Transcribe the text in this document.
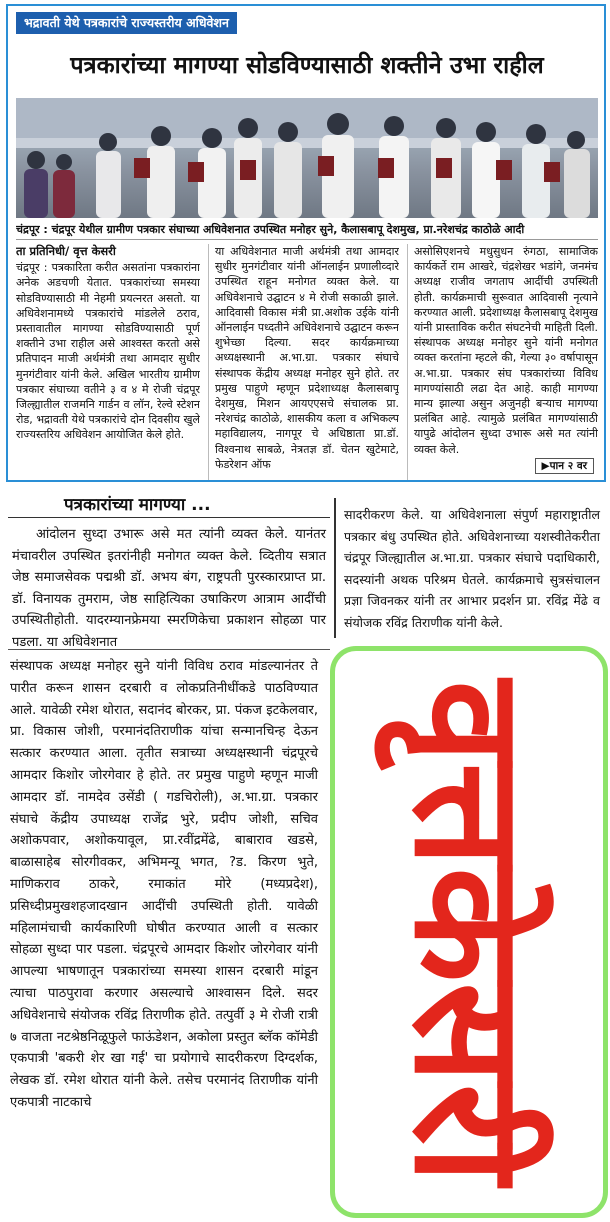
भद्रावती येथे पत्रकारांचे राज्यस्तरीय अधिवेशन
पत्रकारांच्या मागण्या सोडविण्यासाठी शक्तीने उभा राहील
चंद्रपूर : चंद्रपूर येथील ग्रामीण पत्रकार संघाच्या अधिवेशनात उपस्थित मनोहर सुने, कैलासबापू देशमुख, प्रा.नरेशचंद्र काठोळे आदी
ता प्रतिनिधी/ वृत्त केसरी
चंद्रपूर : पत्रकारिता करीत असतांना पत्रकारांना अनेक अडचणी येतात. पत्रकारांच्या समस्या सोडविण्यासाठी मी नेहमी प्रयत्नरत असतो. या अधिवेशनामध्ये पत्रकारांचे मांडलेले ठराव, प्रस्तावातील मागण्या सोडविण्यासाठी पूर्ण शक्तीने उभा राहील असे आश्वस्त करतो असे प्रतिपादन माजी अर्थमंत्री तथा आमदार सुधीर मुनगंटीवार यांनी केले. अखिल भारतीय ग्रामीण पत्रकार संघाच्या वतीने ३ व ४ मे रोजी चंद्रपूर जिल्ह्यातील राजमनि गार्डन व लॉन, रेल्वे स्टेशन रोड, भद्रावती येथे पत्रकारांचे दोन दिवसीय खुले राज्यस्तरिय अधिवेशन आयोजित केले होते.
या अधिवेशनात माजी अर्थमंत्री तथा आमदार सुधीर मुनगंटीवार यांनी ऑनलाईन प्रणालीव्दारे उपस्थित राहून मनोगत व्यक्त केले. या अधिवेशनाचे उद्घाटन ४ मे रोजी सकाळी झाले. आदिवासी विकास मंत्री प्रा.अशोक उईके यांनी ऑनलाईन पध्दतीने अधिवेशनाचे उद्घाटन करून शुभेच्छा दिल्या. सदर कार्यक्रमाच्या अध्यक्षस्थानी अ.भा.ग्रा. पत्रकार संघाचे संस्थापक केंद्रीय अध्यक्ष मनोहर सुने होते. तर प्रमुख पाहुणे म्हणून प्रदेशाध्यक्ष कैलासबापू देशमुख, मिशन आयएएसचे संचालक प्रा. नरेशचंद्र काठोळे, शासकीय कला व अभिकल्प महाविद्यालय, नागपूर चे अधिष्ठाता प्रा.डॉ. विश्वनाथ साबळे, नेत्रतज्ञ डॉ. चेतन खुटेमाटे, फेडरेशन ऑफ
असोसिएशनचे मधुसुधन रुंगठा, सामाजिक कार्यकर्ते राम आखरे, चंद्रशेखर भडांगे, जनमंच अध्यक्ष राजीव जगताप आदींची उपस्थिती होती. कार्यक्रमाची सुरूवात आदिवासी नृत्याने करण्यात आली. प्रदेशाध्यक्ष कैलासबापू देशमुख यांनी प्रास्ताविक करीत संघटनेची माहिती दिली. संस्थापक अध्यक्ष मनोहर सुने यांनी मनोगत व्यक्त करतांना म्हटले की, गेल्या ३० वर्षापासून अ.भा.ग्रा. पत्रकार संघ पत्रकारांच्या विविध मागण्यांसाठी लढा देत आहे. काही मागण्या मान्य झाल्या असुन अजुनही बऱ्याच मागण्या प्रलंबित आहे. त्यामुळे प्रलंबित मागण्यांसाठी यापुढे आंदोलन सुध्दा उभारू असे मत त्यांनी व्यक्त केले.
▶पान २ वर
पत्रकारांच्या मागण्या ...
आंदोलन सुध्दा उभारू असे मत त्यांनी व्यक्त केले. यानंतर मंचावरील उपस्थित इतरांनीही मनोगत व्यक्त केले. व्दितीय सत्रात जेष्ठ समाजसेवक पद्मश्री डॉ. अभय बंग, राष्ट्रपती पुरस्कारप्राप्त प्रा. डॉ. विनायक तुमराम, जेष्ठ साहित्यिका उषाकिरण आत्राम आदींची उपस्थितीहोती. यादरम्यानफ्रेमया स्मरणिकेचा प्रकाशन सोहळा पार पडला. या अधिवेशनात
सादरीकरण केले. या अधिवेशनाला संपुर्ण महाराष्ट्रातील पत्रकार बंधु उपस्थित होते. अधिवेशनाच्या यशस्वीतेकरीता चंद्रपूर जिल्ह्यातील अ.भा.ग्रा. पत्रकार संघाचे पदाधिकारी, सदस्यांनी अथक परिश्रम घेतले. कार्यक्रमाचे सुत्रसंचालन प्रज्ञा जिवनकर यांनी तर आभार प्रदर्शन प्रा. रविंद्र मेंढे व संयोजक रविंद्र तिराणीक यांनी केले.
संस्थापक अध्यक्ष मनोहर सुने यांनी विविध ठराव मांडल्यानंतर ते पारीत करून शासन दरबारी व लोकप्रतिनीधींकडे पाठविण्यात आले. यावेळी रमेश थोरात, सदानंद बोरकर, प्रा. पंकज इटकेलवार, प्रा. विकास जोशी, परमानंदतिराणीक यांचा सन्मानचिन्ह देऊन सत्कार करण्यात आला. तृतीत सत्राच्या अध्यक्षस्थानी चंद्रपूरचे आमदार किशोर जोरगेवार हे होते. तर प्रमुख पाहुणे म्हणून माजी आमदार डॉ. नामदेव उसेंडी ( गडचिरोली), अ.भा.ग्रा. पत्रकार संघाचे केंद्रीय उपाध्यक्ष राजेंद्र भुरे, प्रदीप जोशी, सचिव अशोकपवार, अशोकयावूल, प्रा.रवींद्रमेंढे, बाबाराव खडसे, बाळासाहेब सोरगीवकर, अभिमन्यू भगत, ?ड. किरण भुते, माणिकराव ठाकरे, रमाकांत मोरे (मध्यप्रदेश), प्रसिध्दीप्रमुखशहजादखान आदींची उपस्थिती होती. यावेळी महिलामंचाची कार्यकारिणी घोषीत करण्यात आली व सत्कार सोहळा सुध्दा पार पडला. चंद्रपूरचे आमदार किशोर जोरगेवार यांनी आपल्या भाषणातून पत्रकारांच्या समस्या शासन दरबारी मांडून त्याचा पाठपुरावा करणार असल्याचे आश्वासन दिले. सदर अधिवेशनाचे संयोजक रविंद्र तिराणीक होते. तत्पुर्वी ३ मे रोजी रात्री ७ वाजता नटश्रेष्ठनिळूफुले फाऊंडेशन, अकोला प्रस्तुत ब्लॅक कॉमेडी एकपात्री 'बकरी शेर खा गई' चा प्रयोगाचे सादरीकरण दिग्दर्शक, लेखक डॉ. रमेश थोरात यांनी केले. तसेच परमानंद तिराणीक यांनी एकपात्री नाटकाचे	वृत्तकेसरी
